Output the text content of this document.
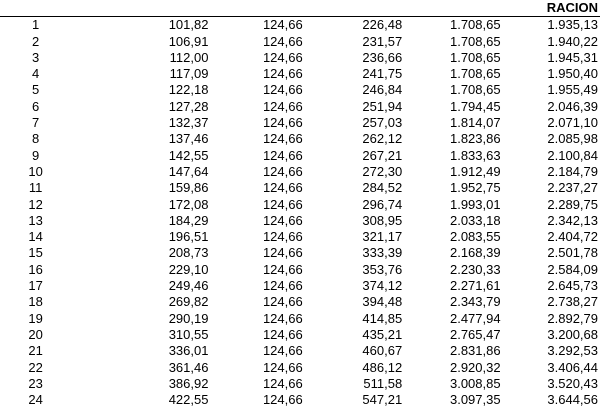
					RACION
1	101,82	124,66	226,48	1.708,65	1.935,13
2	106,91	124,66	231,57	1.708,65	1.940,22
3	112,00	124,66	236,66	1.708,65	1.945,31
4	117,09	124,66	241,75	1.708,65	1.950,40
5	122,18	124,66	246,84	1.708,65	1.955,49
6	127,28	124,66	251,94	1.794,45	2.046,39
7	132,37	124,66	257,03	1.814,07	2.071,10
8	137,46	124,66	262,12	1.823,86	2.085,98
9	142,55	124,66	267,21	1.833,63	2.100,84
10	147,64	124,66	272,30	1.912,49	2.184,79
11	159,86	124,66	284,52	1.952,75	2.237,27
12	172,08	124,66	296,74	1.993,01	2.289,75
13	184,29	124,66	308,95	2.033,18	2.342,13
14	196,51	124,66	321,17	2.083,55	2.404,72
15	208,73	124,66	333,39	2.168,39	2.501,78
16	229,10	124,66	353,76	2.230,33	2.584,09
17	249,46	124,66	374,12	2.271,61	2.645,73
18	269,82	124,66	394,48	2.343,79	2.738,27
19	290,19	124,66	414,85	2.477,94	2.892,79
20	310,55	124,66	435,21	2.765,47	3.200,68
21	336,01	124,66	460,67	2.831,86	3.292,53
22	361,46	124,66	486,12	2.920,32	3.406,44
23	386,92	124,66	511,58	3.008,85	3.520,43
24	422,55	124,66	547,21	3.097,35	3.644,56
